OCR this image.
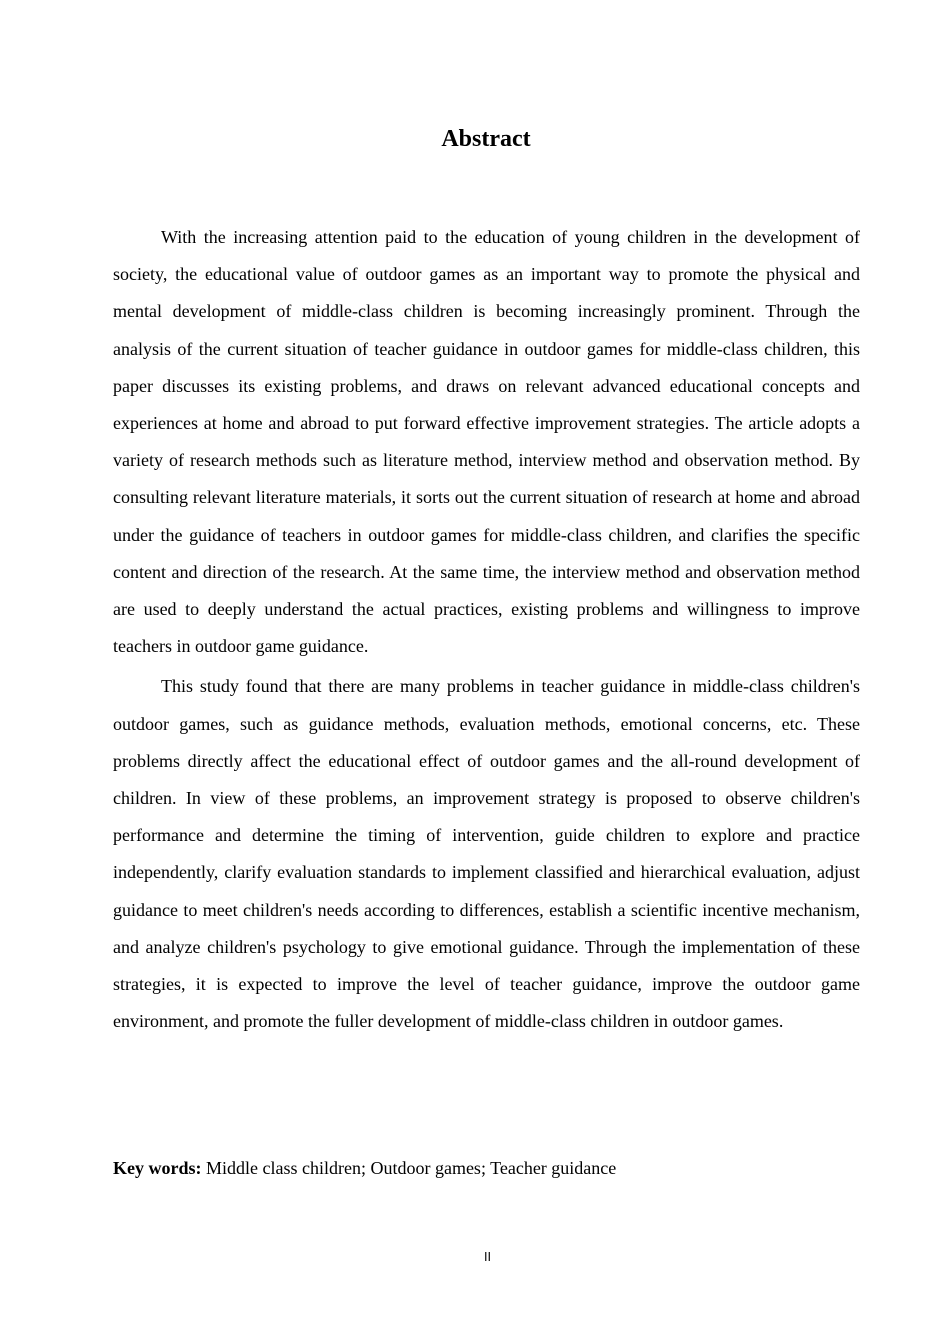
Abstract

With the increasing attention paid to the education of young children in the development of society, the educational value of outdoor games as an important way to promote the physical and mental development of middle-class children is becoming increasingly prominent. Through the analysis of the current situation of teacher guidance in outdoor games for middle-class children, this paper discusses its existing problems, and draws on relevant advanced educational concepts and experiences at home and abroad to put forward effective improvement strategies. The article adopts a variety of research methods such as literature method, interview method and observation method. By consulting relevant literature materials, it sorts out the current situation of research at home and abroad under the guidance of teachers in outdoor games for middle-class children, and clarifies the specific content and direction of the research. At the same time, the interview method and observation method are used to deeply understand the actual practices, existing problems and willingness to improve teachers in outdoor game guidance.

This study found that there are many problems in teacher guidance in middle-class children's outdoor games, such as guidance methods, evaluation methods, emotional concerns, etc. These problems directly affect the educational effect of outdoor games and the all-round development of children. In view of these problems, an improvement strategy is proposed to observe children's performance and determine the timing of intervention, guide children to explore and practice independently, clarify evaluation standards to implement classified and hierarchical evaluation, adjust guidance to meet children's needs according to differences, establish a scientific incentive mechanism, and analyze children's psychology to give emotional guidance. Through the implementation of these strategies, it is expected to improve the level of teacher guidance, improve the outdoor game environment, and promote the fuller development of middle-class children in outdoor games.

Key words: Middle class children; Outdoor games; Teacher guidance

II
